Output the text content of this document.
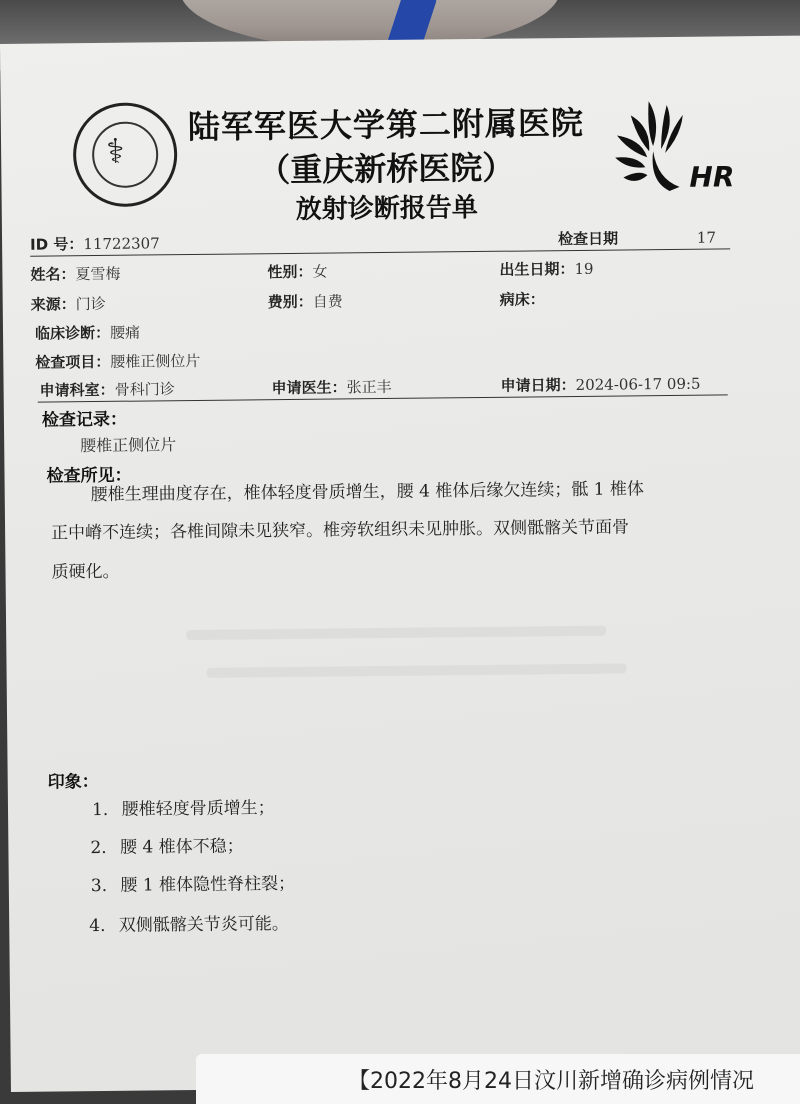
⚕
陆军军医大学第二附属医院
（重庆新桥医院）
放射诊断报告单
HR
ID 号：11722307	检查日期	17
姓名：夏雪梅	性别：女	出生日期：19
来源：门诊	费别：自费	病床：
临床诊断：腰痛
检查项目：腰椎正侧位片
申请科室：骨科门诊	申请医生：张正丰	申请日期：2024-06-17 09:5
检查记录：
腰椎正侧位片
检查所见：
腰椎生理曲度存在，椎体轻度骨质增生，腰 4 椎体后缘欠连续；骶 1 椎体
正中嵴不连续；各椎间隙未见狭窄。椎旁软组织未见肿胀。双侧骶髂关节面骨
质硬化。
印象：
1. 腰椎轻度骨质增生；
2. 腰 4 椎体不稳；
3. 腰 1 椎体隐性脊柱裂；
4. 双侧骶髂关节炎可能。
【2022年8月24日汶川新增确诊病例情况
